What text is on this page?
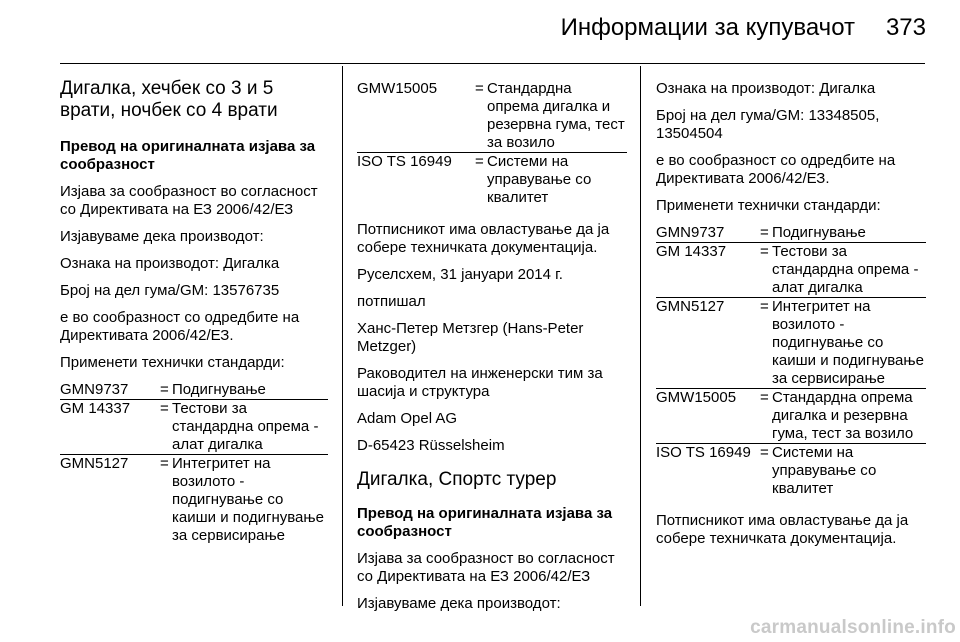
Информации за купувачот	373
Дигалка, хечбек со 3 и 5 врати, ночбек со 4 врати

Превод на оригиналната изјава за сообразност

Изјава за сообразност во согласност со Директивата на ЕЗ 2006/42/ЕЗ

Изјавуваме дека производот:

Ознака на производот: Дигалка

Број на дел гума/GM: 13576735

е во сообразност со одредбите на Директивата 2006/42/ЕЗ.

Применети технички стандарди:

GMN9737	=	Подигнување
GM 14337	=	Тестови за стандардна опрема - алат дигалка
GMN5127	=	Интегритет на возилото - подигнување со каиши и подигнување за сервисирање
GMW15005	=	Стандардна опрема дигалка и резервна гума, тест за возило
ISO TS 16949	=	Системи на управување со квалитет

Потписникот има овластување да ја собере техничката документација.

Руселсхем, 31 јануари 2014 г.

потпишал

Ханс-Петер Метзгер (Hans-Peter Metzger)

Раководител на инженерски тим за шасија и структура

Adam Opel AG

D-65423 Rüsselsheim

Дигалка, Спортс турер

Превод на оригиналната изјава за сообразност

Изјава за сообразност во согласност со Директивата на ЕЗ 2006/42/ЕЗ

Изјавуваме дека производот:

Ознака на производот: Дигалка

Број на дел гума/GM: 13348505, 13504504

е во сообразност со одредбите на Директивата 2006/42/ЕЗ.

Применети технички стандарди:

GMN9737	=	Подигнување
GM 14337	=	Тестови за стандардна опрема - алат дигалка
GMN5127	=	Интегритет на возилото - подигнување со каиши и подигнување за сервисирање
GMW15005	=	Стандардна опрема дигалка и резервна гума, тест за возило
ISO TS 16949	=	Системи на управување со квалитет

Потписникот има овластување да ја собере техничката документација.

carmanualsonline.info
